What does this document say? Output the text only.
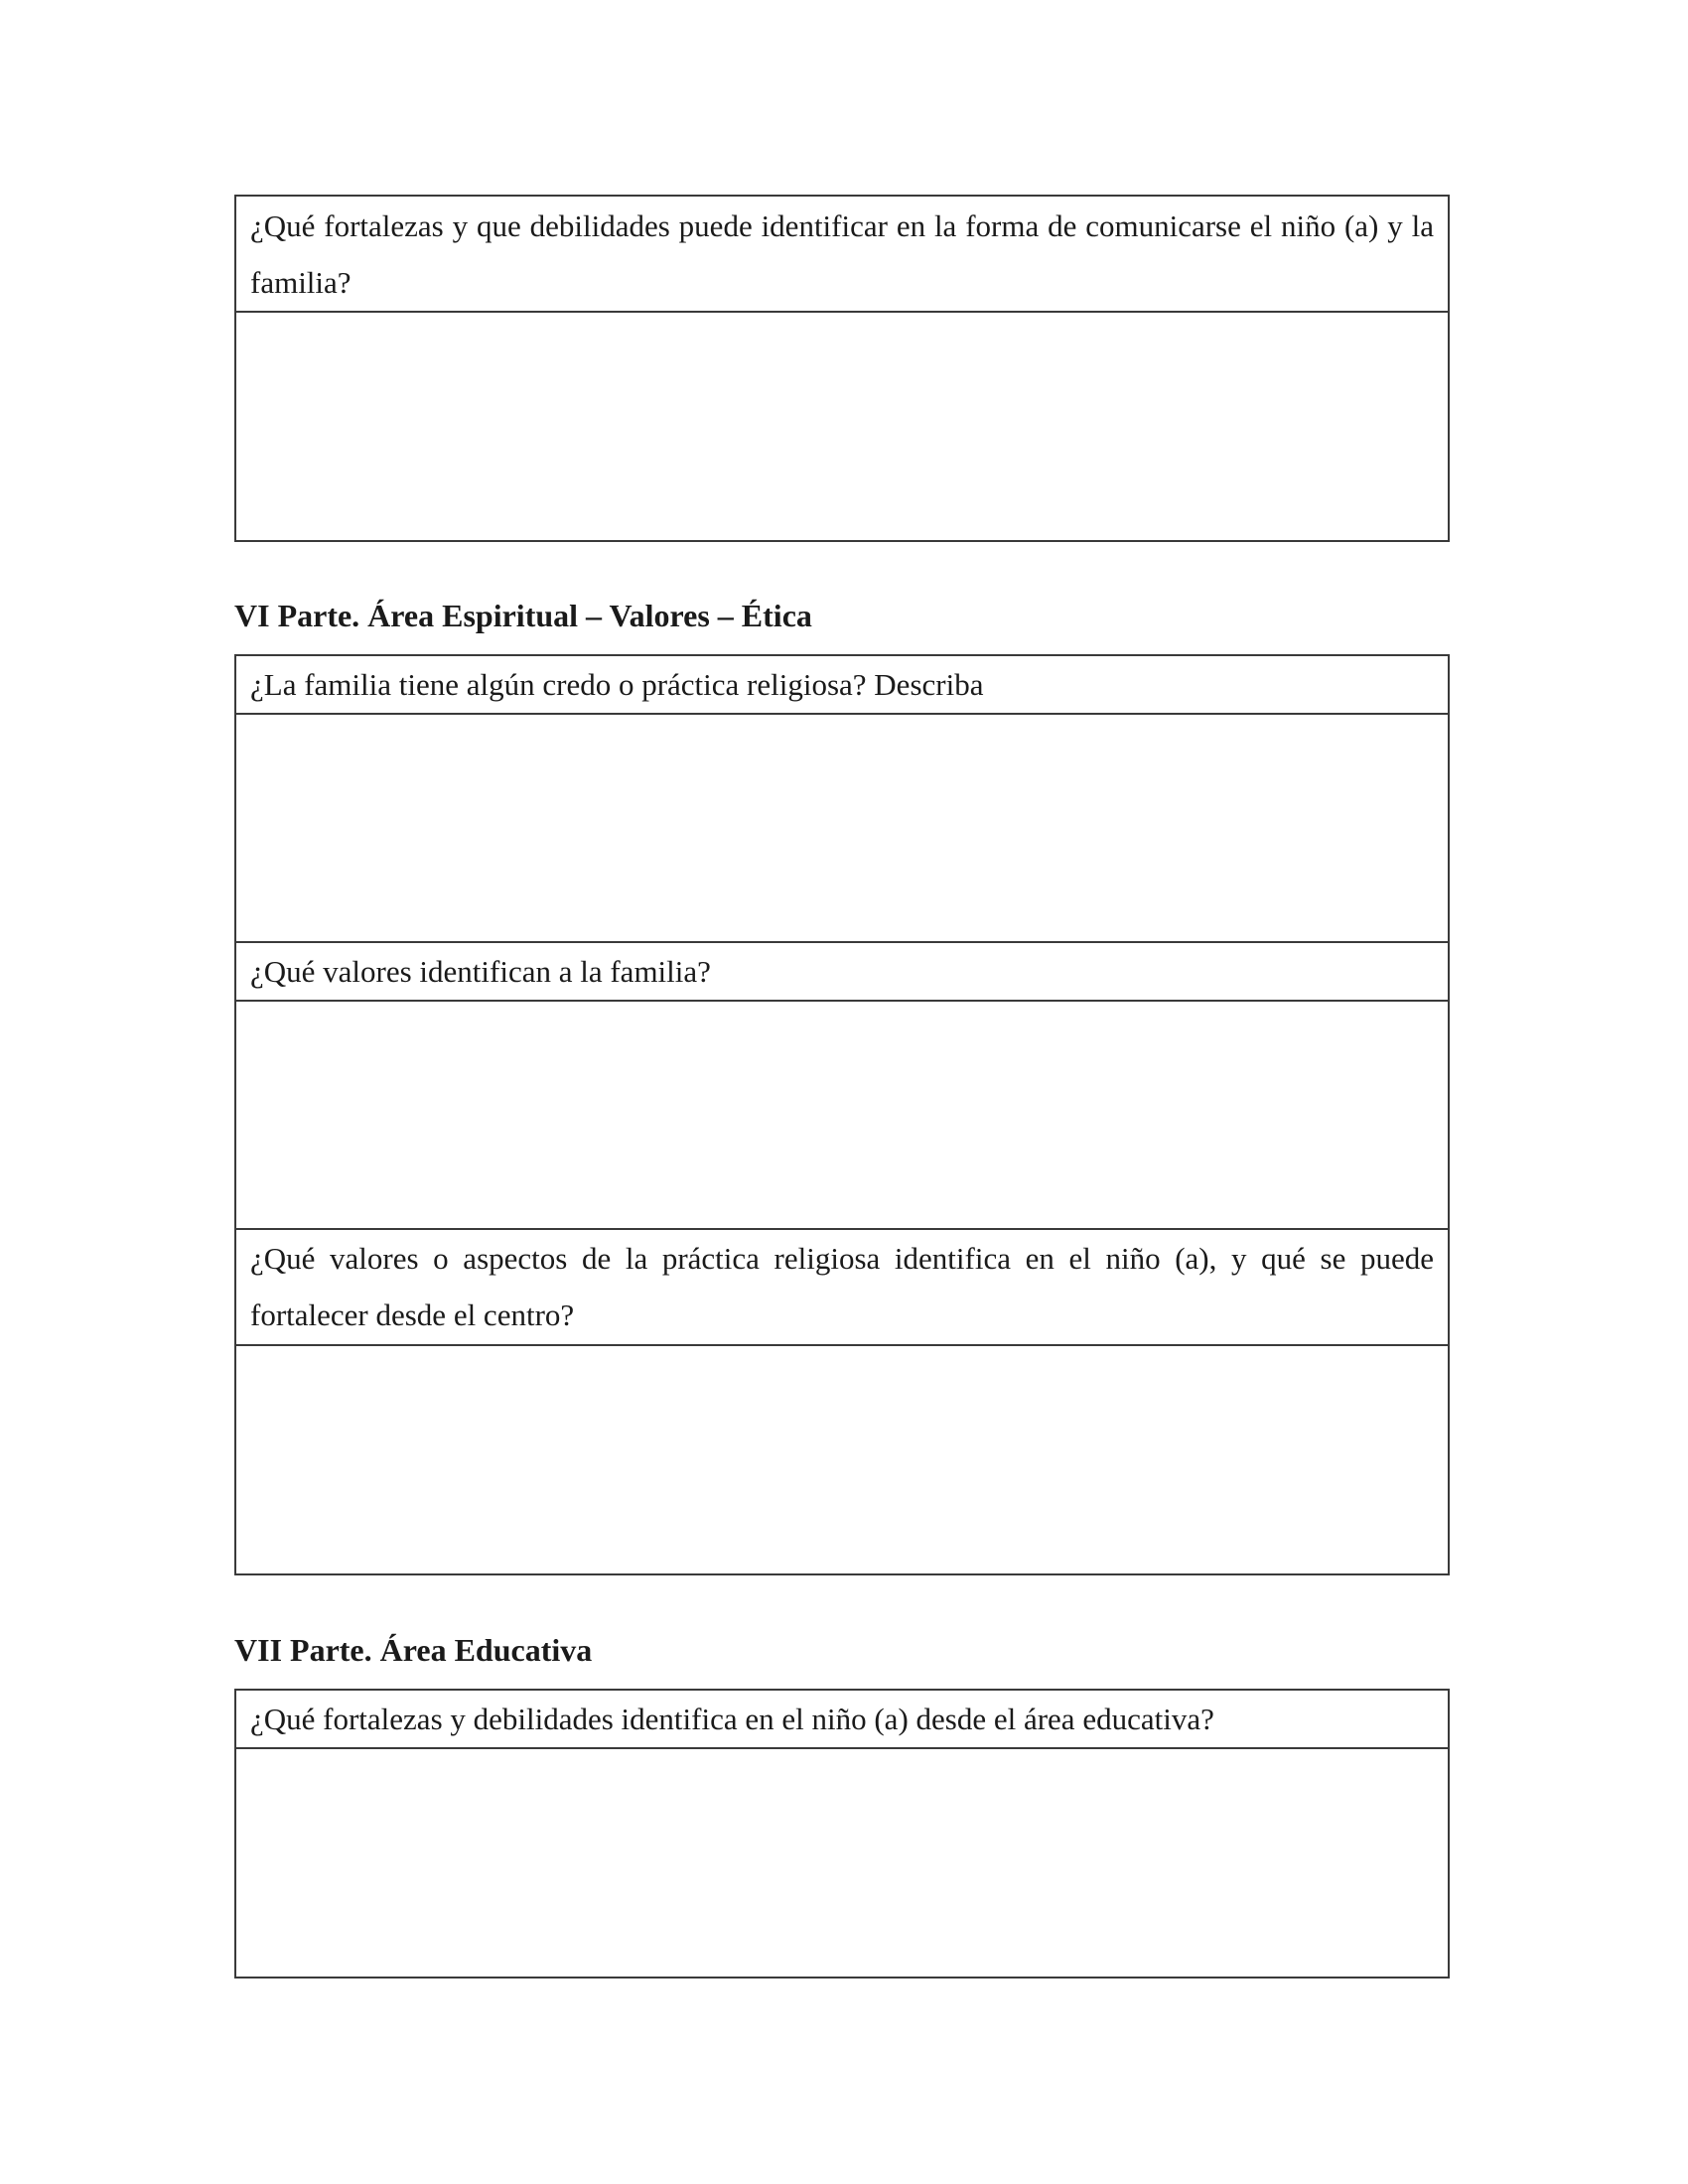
¿Qué fortalezas y que debilidades puede identificar en la forma de comunicarse el niño (a) y la familia?
VI Parte. Área Espiritual – Valores – Ética
¿La familia tiene algún credo o práctica religiosa? Describa
¿Qué valores identifican a la familia?
¿Qué valores o aspectos de la práctica religiosa identifica en el niño (a), y qué se puede fortalecer desde el centro?
VII Parte. Área Educativa
¿Qué fortalezas y debilidades identifica en el niño (a) desde el área educativa?
